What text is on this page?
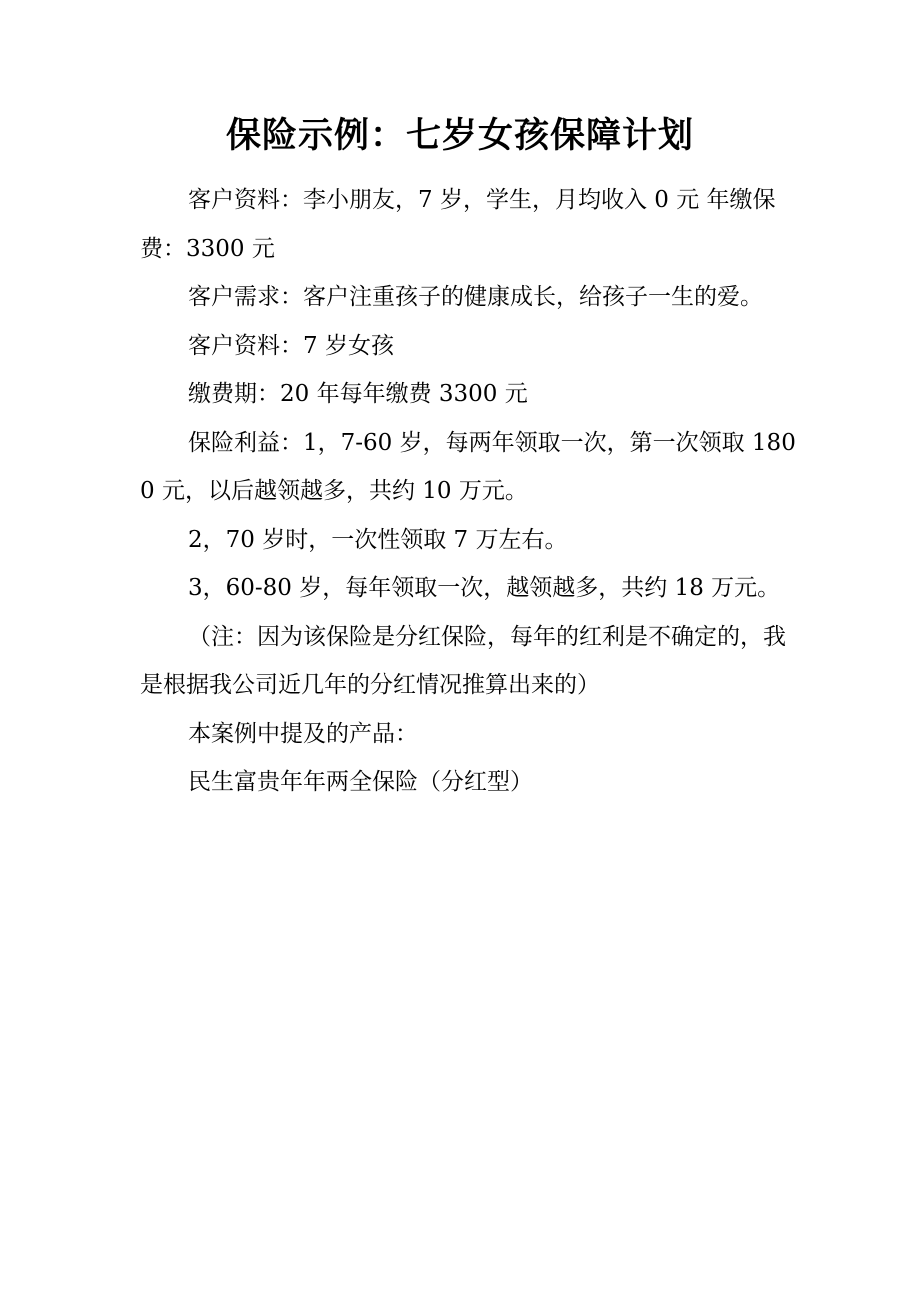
保险示例：七岁女孩保障计划

客户资料：李小朋友，7 岁，学生，月均收入 0 元 年缴保费：3300 元

客户需求：客户注重孩子的健康成长，给孩子一生的爱。

客户资料：7 岁女孩

缴费期：20 年每年缴费 3300 元

保险利益：1，7-60 岁，每两年领取一次，第一次领取 1800 元，以后越领越多，共约 10 万元。

2，70 岁时，一次性领取 7 万左右。

3，60-80 岁，每年领取一次，越领越多，共约 18 万元。

（注：因为该保险是分红保险，每年的红利是不确定的，我是根据我公司近几年的分红情况推算出来的）

本案例中提及的产品：

民生富贵年年两全保险（分红型）
